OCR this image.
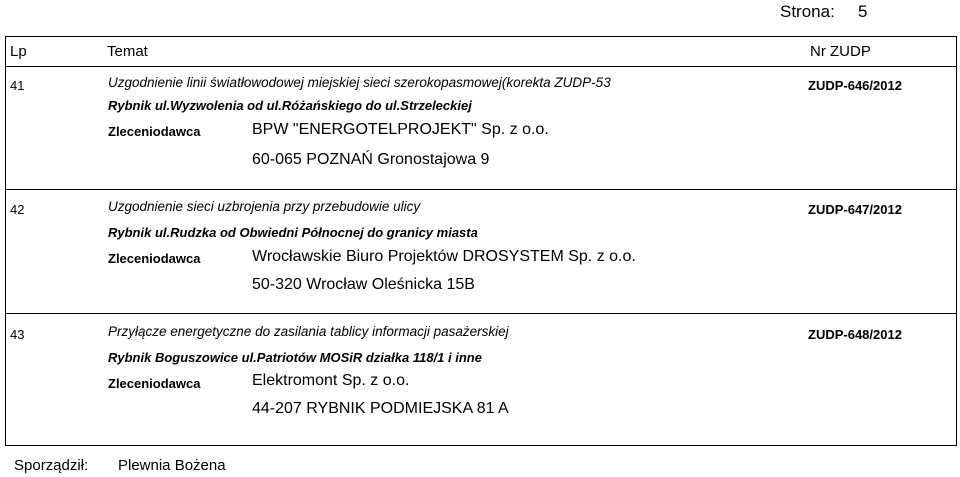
Strona: 5
Lp	Temat	Nr ZUDP
41	Uzgodnienie linii światłowodowej miejskiej sieci szerokopasmowej(korekta ZUDP-53	ZUDP-646/2012
Rybnik ul.Wyzwolenia od ul.Różańskiego do ul.Strzeleckiej
Zleceniodawca	BPW "ENERGOTELPROJEKT" Sp. z o.o.
60-065 POZNAŃ Gronostajowa 9
42	Uzgodnienie sieci uzbrojenia przy przebudowie ulicy	ZUDP-647/2012
Rybnik ul.Rudzka od Obwiedni Północnej do granicy miasta
Zleceniodawca	Wrocławskie Biuro Projektów DROSYSTEM Sp. z o.o.
50-320 Wrocław Oleśnicka 15B
43	Przyłącze energetyczne do zasilania tablicy informacji pasażerskiej	ZUDP-648/2012
Rybnik Boguszowice ul.Patriotów MOSiR działka 118/1 i inne
Zleceniodawca	Elektromont Sp. z o.o.
44-207 RYBNIK PODMIEJSKA 81 A
Sporządził: Plewnia Bożena
